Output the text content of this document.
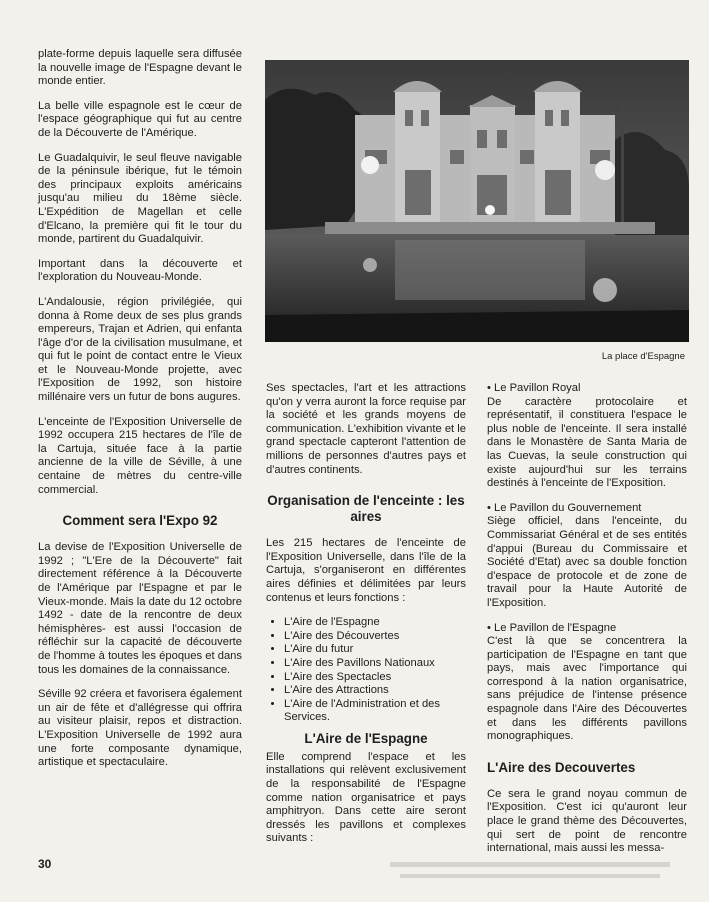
plate-forme depuis laquelle sera diffusée la nouvelle image de l'Espagne devant le monde entier.

La belle ville espagnole est le cœur de l'espace géographique qui fut au centre de la Découverte de l'Amérique.

Le Guadalquivir, le seul fleuve navigable de la péninsule ibérique, fut le témoin des principaux exploits américains jusqu'au milieu du 18ème siècle. L'Expédition de Magellan et celle d'Elcano, la première qui fit le tour du monde, partirent du Guadalquivir.

Important dans la découverte et l'exploration du Nouveau-Monde.

L'Andalousie, région privilégiée, qui donna à Rome deux de ses plus grands empereurs, Trajan et Adrien, qui enfanta l'âge d'or de la civilisation musulmane, et qui fut le point de contact entre le Vieux et le Nouveau-Monde projette, avec l'Exposition de 1992, son histoire millénaire vers un futur de bons augures.

L'enceinte de l'Exposition Universelle de 1992 occupera 215 hectares de l'île de la Cartuja, située face à la partie ancienne de la ville de Séville, à une centaine de mètres du centre-ville commercial.

Comment sera l'Expo 92

La devise de l'Exposition Universelle de 1992 ; "L'Ere de la Découverte" fait directement référence à la Découverte de l'Amérique par l'Espagne et par le Vieux-monde. Mais la date du 12 octobre 1492 - date de la rencontre de deux hémisphères- est aussi l'occasion de réfléchir sur la capacité de découverte de l'homme à toutes les époques et dans tous les domaines de la connaissance.

Séville 92 créera et favorisera également un air de fête et d'allégresse qui offrira au visiteur plaisir, repos et distraction. L'Exposition Universelle de 1992 aura une forte composante dynamique, artistique et spectaculaire.

La place d'Espagne

Ses spectacles, l'art et les attractions qu'on y verra auront la force requise par la société et les grands moyens de communication. L'exhibition vivante et le grand spectacle capteront l'attention de millions de personnes d'autres pays et d'autres continents.

Organisation de l'enceinte : les aires

Les 215 hectares de l'enceinte de l'Exposition Universelle, dans l'île de la Cartuja, s'organiseront en différentes aires définies et délimitées par leurs contenus et leurs fonctions :

• L'Aire de l'Espagne
• L'Aire des Découvertes
• L'Aire du futur
• L'Aire des Pavillons Nationaux
• L'Aire des Spectacles
• L'Aire des Attractions
• L'Aire de l'Administration et des Services.
L'Aire de l'Espagne

Elle comprend l'espace et les installations qui relèvent exclusivement de la responsabilité de l'Espagne comme nation organisatrice et pays amphitryon. Dans cette aire seront dressés les pavillons et complexes suivants :

• Le Pavillon Royal
De caractère protocolaire et représentatif, il constituera l'espace le plus noble de l'enceinte. Il sera installé dans le Monastère de Santa Maria de las Cuevas, la seule construction qui existe aujourd'hui sur les terrains destinés à l'enceinte de l'Exposition.

• Le Pavillon du Gouvernement
Siège officiel, dans l'enceinte, du Commissariat Général et de ses entités d'appui (Bureau du Commissaire et Société d'Etat) avec sa double fonction d'espace de protocole et de zone de travail pour la Haute Autorité de l'Exposition.

• Le Pavillon de l'Espagne
C'est là que se concentrera la participation de l'Espagne en tant que pays, mais avec l'importance qui correspond à la nation organisatrice, sans préjudice de l'intense présence espagnole dans l'Aire des Découvertes et dans les différents pavillons monographiques.

L'Aire des Decouvertes

Ce sera le grand noyau commun de l'Exposition. C'est ici qu'auront leur place le grand thème des Découvertes, qui sert de point de rencontre international, mais aussi les messa-

30
